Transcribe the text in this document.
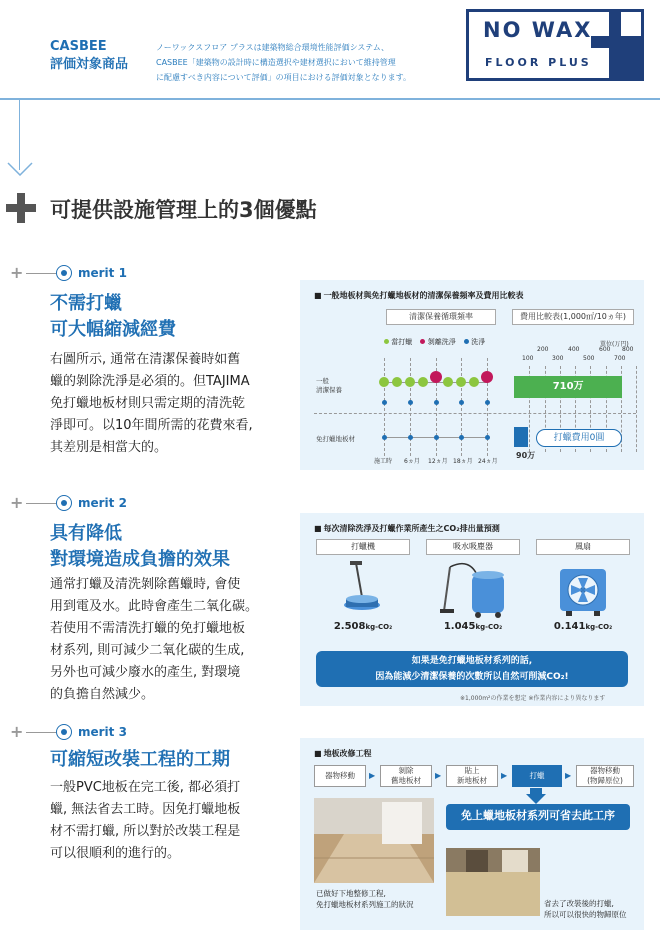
CASBEE
評価対象商品
ノーワックスフロア プラスは建築物総合環境性能評価システム、
CASBEE「建築物の設計時に構造選択や建材選択において維持管理
に配慮すべき内容について評価」の項目における評価対象となります。
NO WAX
FLOOR PLUS
可提供設施管理上的3個優點
+	merit 1
不需打蠟
可大幅縮減經費
右圖所示, 通常在清潔保養時如舊
蠟的剝除洗淨是必須的。但TAJIMA
免打蠟地板材則只需定期的清洗乾
淨即可。以10年間所需的花費來看,
其差別是相當大的。
■ 一般地板材與免打蠟地板材的清潔保養頻率及費用比較表
清潔保養循環頻率	費用比較表(1,000㎡/10ヵ年)
當打蠟 剝離洗淨 洗淨	單位(万円)
200	400	600 800
100	300	500	700
一般
清潔保養
免打蠟地板材
施工時 6ヵ月 12ヵ月 18ヵ月 24ヵ月
710万
90万
打蠟費用0圓
+	merit 2
具有降低
對環境造成負擔的效果
通常打蠟及清洗剝除舊蠟時, 會使
用到電及水。此時會產生二氧化碳。
若使用不需清洗打蠟的免打蠟地板
材系列, 則可減少二氧化碳的生成,
另外也可減少廢水的產生, 對環境
的負擔自然減少。
■ 每次清除洗淨及打蠟作業所產生之CO₂排出量預測
打蠟機	吸水吸塵器	風扇
2.508kg-CO₂	1.045kg-CO₂	0.141kg-CO₂
如果是免打蠟地板材系列的話,
因為能減少清潔保養的次數所以自然可削減CO₂!
※1,000m²の作業を想定 ※作業内容により異なります
+	merit 3
可縮短改裝工程的工期
一般PVC地板在完工後, 都必須打
蠟, 無法省去工時。因免打蠟地板
材不需打蠟, 所以對於改裝工程是
可以很順利的進行的。
■ 地板改修工程
器物移動	▶
剝除
舊地板材
▶
貼上
新地板材
▶	打蠟	▶
器物移動
(物歸原位)
免上蠟地板材系列可省去此工序
已做好下地整修工程,
免打蠟地板材系列施工的狀況	省去了改裝後的打蠟,
所以可以很快的物歸原位
